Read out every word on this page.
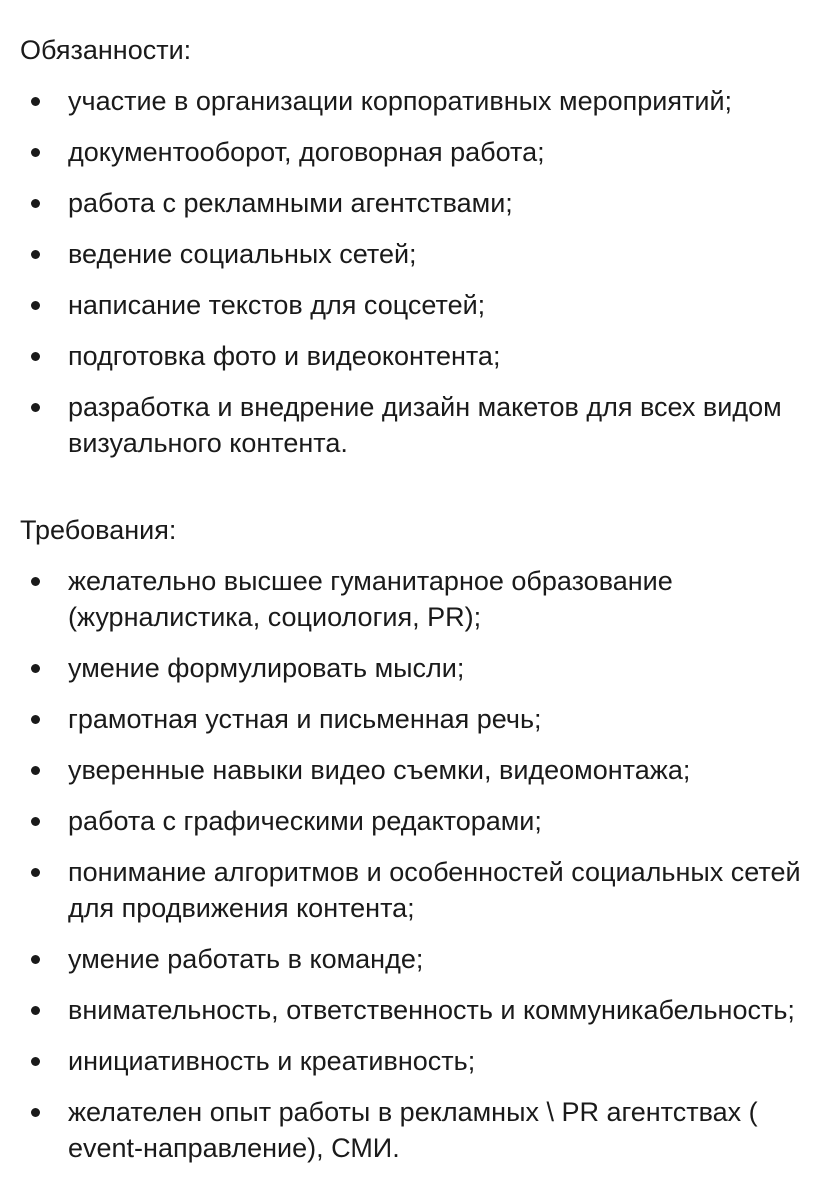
Обязанности:
участие в организации корпоративных мероприятий;
документооборот, договорная работа;
работа с рекламными агентствами;
ведение социальных сетей;
написание текстов для соцсетей;
подготовка фото и видеоконтента;
разработка и внедрение дизайн макетов для всех видом визуального контента.
Требования:
желательно высшее гуманитарное образование (журналистика, социология, PR);
умение формулировать мысли;
грамотная устная и письменная речь;
уверенные навыки видео съемки, видеомонтажа;
работа с графическими редакторами;
понимание алгоритмов и особенностей социальных сетей для продвижения контента;
умение работать в команде;
внимательность, ответственность и коммуникабельность;
инициативность и креативность;
желателен опыт работы в рекламных \ PR агентствах ( event-направление), СМИ.
